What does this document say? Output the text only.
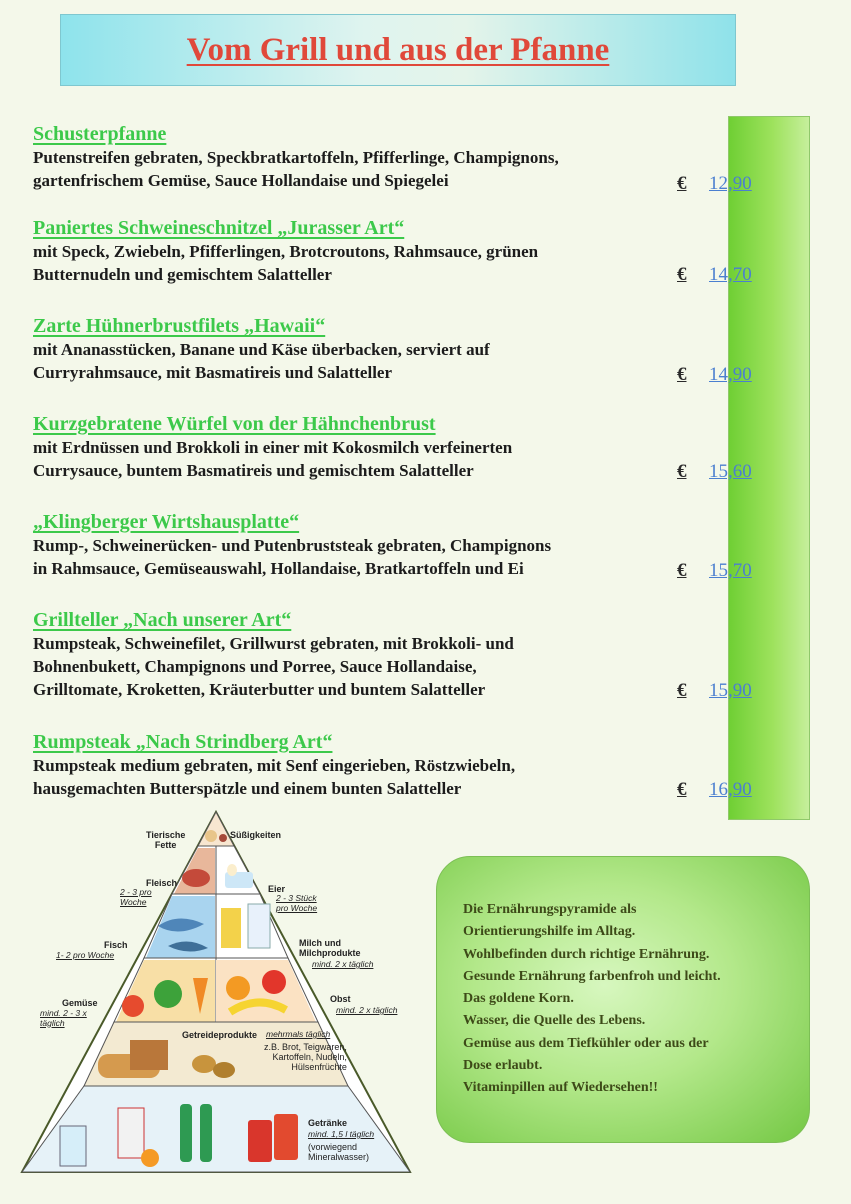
Vom Grill und aus der Pfanne
Schusterpfanne
Putenstreifen gebraten, Speckbratkartoffeln, Pfifferlinge, Champignons,
gartenfrischem Gemüse, Sauce Hollandaise und Spiegelei	€	12,90
Paniertes Schweineschnitzel „Jurasser Art“
mit Speck, Zwiebeln, Pfifferlingen, Brotcroutons, Rahmsauce, grünen
Butternudeln und gemischtem Salatteller	€	14,70
Zarte Hühnerbrustfilets „Hawaii“
mit Ananasstücken, Banane und Käse überbacken, serviert auf
Curryrahmsauce, mit Basmatireis und Salatteller	€	14,90
Kurzgebratene Würfel von der Hähnchenbrust
mit Erdnüssen und Brokkoli in einer mit Kokosmilch verfeinerten
Currysauce, buntem Basmatireis und gemischtem Salatteller	€	15,60
„Klingberger Wirtshausplatte“
Rump-, Schweinerücken- und Putenbruststeak gebraten, Champignons
in Rahmsauce, Gemüseauswahl, Hollandaise, Bratkartoffeln und Ei	€	15,70
Grillteller „Nach unserer Art“
Rumpsteak, Schweinefilet, Grillwurst gebraten, mit Brokkoli- und
Bohnenbukett, Champignons und Porree, Sauce Hollandaise,
Grilltomate, Kroketten, Kräuterbutter und buntem Salatteller	€	15,90
Rumpsteak „Nach Strindberg Art“
Rumpsteak medium gebraten, mit Senf eingerieben, Röstzwiebeln,
hausgemachten Butterspätzle und einem bunten Salatteller	€	16,90
Tierische
Fette
Süßigkeiten
Fleisch
2 - 3 pro
Woche
Eier
2 - 3 Stück
pro Woche
Fisch
1- 2 pro Woche
Milch und
Milchprodukte
mind. 2 x täglich
Gemüse
mind. 2 - 3 x
täglich
Obst
mind. 2 x täglich
Getreideprodukte mehrmals täglich
z.B. Brot, Teigwaren,
Kartoffeln, Nudeln,
Hülsenfrüchte
Getränke
mind. 1,5 l täglich
(vorwiegend
Mineralwasser)
Die Ernährungspyramide als
Orientierungshilfe im Alltag.
Wohlbefinden durch richtige Ernährung.
Gesunde Ernährung farbenfroh und leicht.
Das goldene Korn.
Wasser, die Quelle des Lebens.
Gemüse aus dem Tiefkühler oder aus der
Dose erlaubt.
Vitaminpillen auf Wiedersehen!!
